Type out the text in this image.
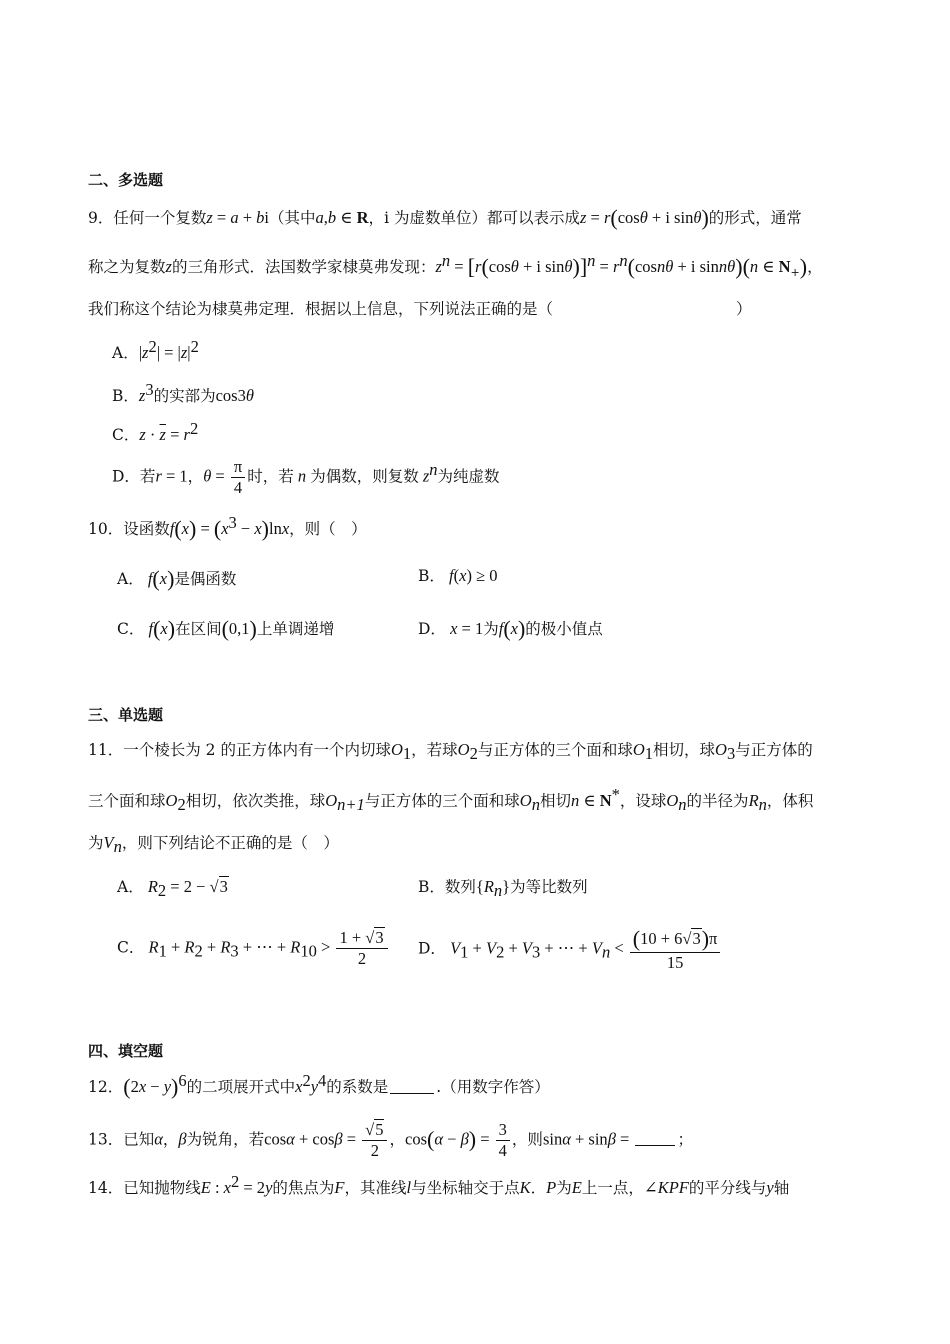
二、多选题
9．任何一个复数z = a + bi（其中a,b ∈ R，i 为虚数单位）都可以表示成z = r(cosθ + i sinθ)的形式，通常
称之为复数z的三角形式．法国数学家棣莫弗发现：$z^n = [r(\cos\theta + i$ $\sin\theta)]^n = r^n(\cos n\theta + i$ sinnθ)(n ∈ $N_+$)，
我们称这个结论为棣莫弗定理．根据以上信息，下列说法正确的是（	）
A．$|z^2| = |z|^2$
B．$z^3$的实部为cos3θ
C．$z \cdot \overline{z} = r^2$
D．若r = 1，$\theta = \frac{\pi}{4}$ 时，若 n 为偶数，则复数 $z^n$为纯虚数
10．设函数$f(x) = (x^3 - x)\ln x$，则（　）
A． f(x)是偶函数	B． f(x) ≥ 0
C． f(x)在区间(0,1)上单调递增	D． x = 1为f(x)的极小值点
三、单选题
11．一个棱长为 2 的正方体内有一个内切球$O_1$，若球$O_2$与正方体的三个面和球$O_1$相切，球$O_3$与正方体的
三个面和球$O_2$相切，依次类推，球$O_{n+1}$与正方体的三个面和球$O_n$相切n ∈ N*，设球$O_n$的半径为$R_n$，体积
为$V_n$，则下列结论不正确的是（　）
A． $R_2 = 2 - √3$	B．数列$\{R_n\}$为等比数列
C． $R_1 + R_2 + R_3$ + ⋯ + $R_{10} > \frac{1 + √3}{2}$ D． $V_1 + V_2 + V_3$ + ⋯ + $V_n < \frac{(10 + 6√3)\pi}{15}$
四、填空题
12．$(2x - y)^6$的二项展开式中$x^2y^4$的系数是	.（用数字作答）
13．已知α，β为锐角，若$\cos\alpha + \cos\beta = \frac{√5}{2}$ ，$\cos(\alpha - \beta) = \frac{3}{4}$ ，则sinα + sinβ =	；
14．已知抛物线E : $x^2 = 2y$的焦点为F，其准线l与坐标轴交于点K．P为E上一点，∠KPF的平分线与y轴
